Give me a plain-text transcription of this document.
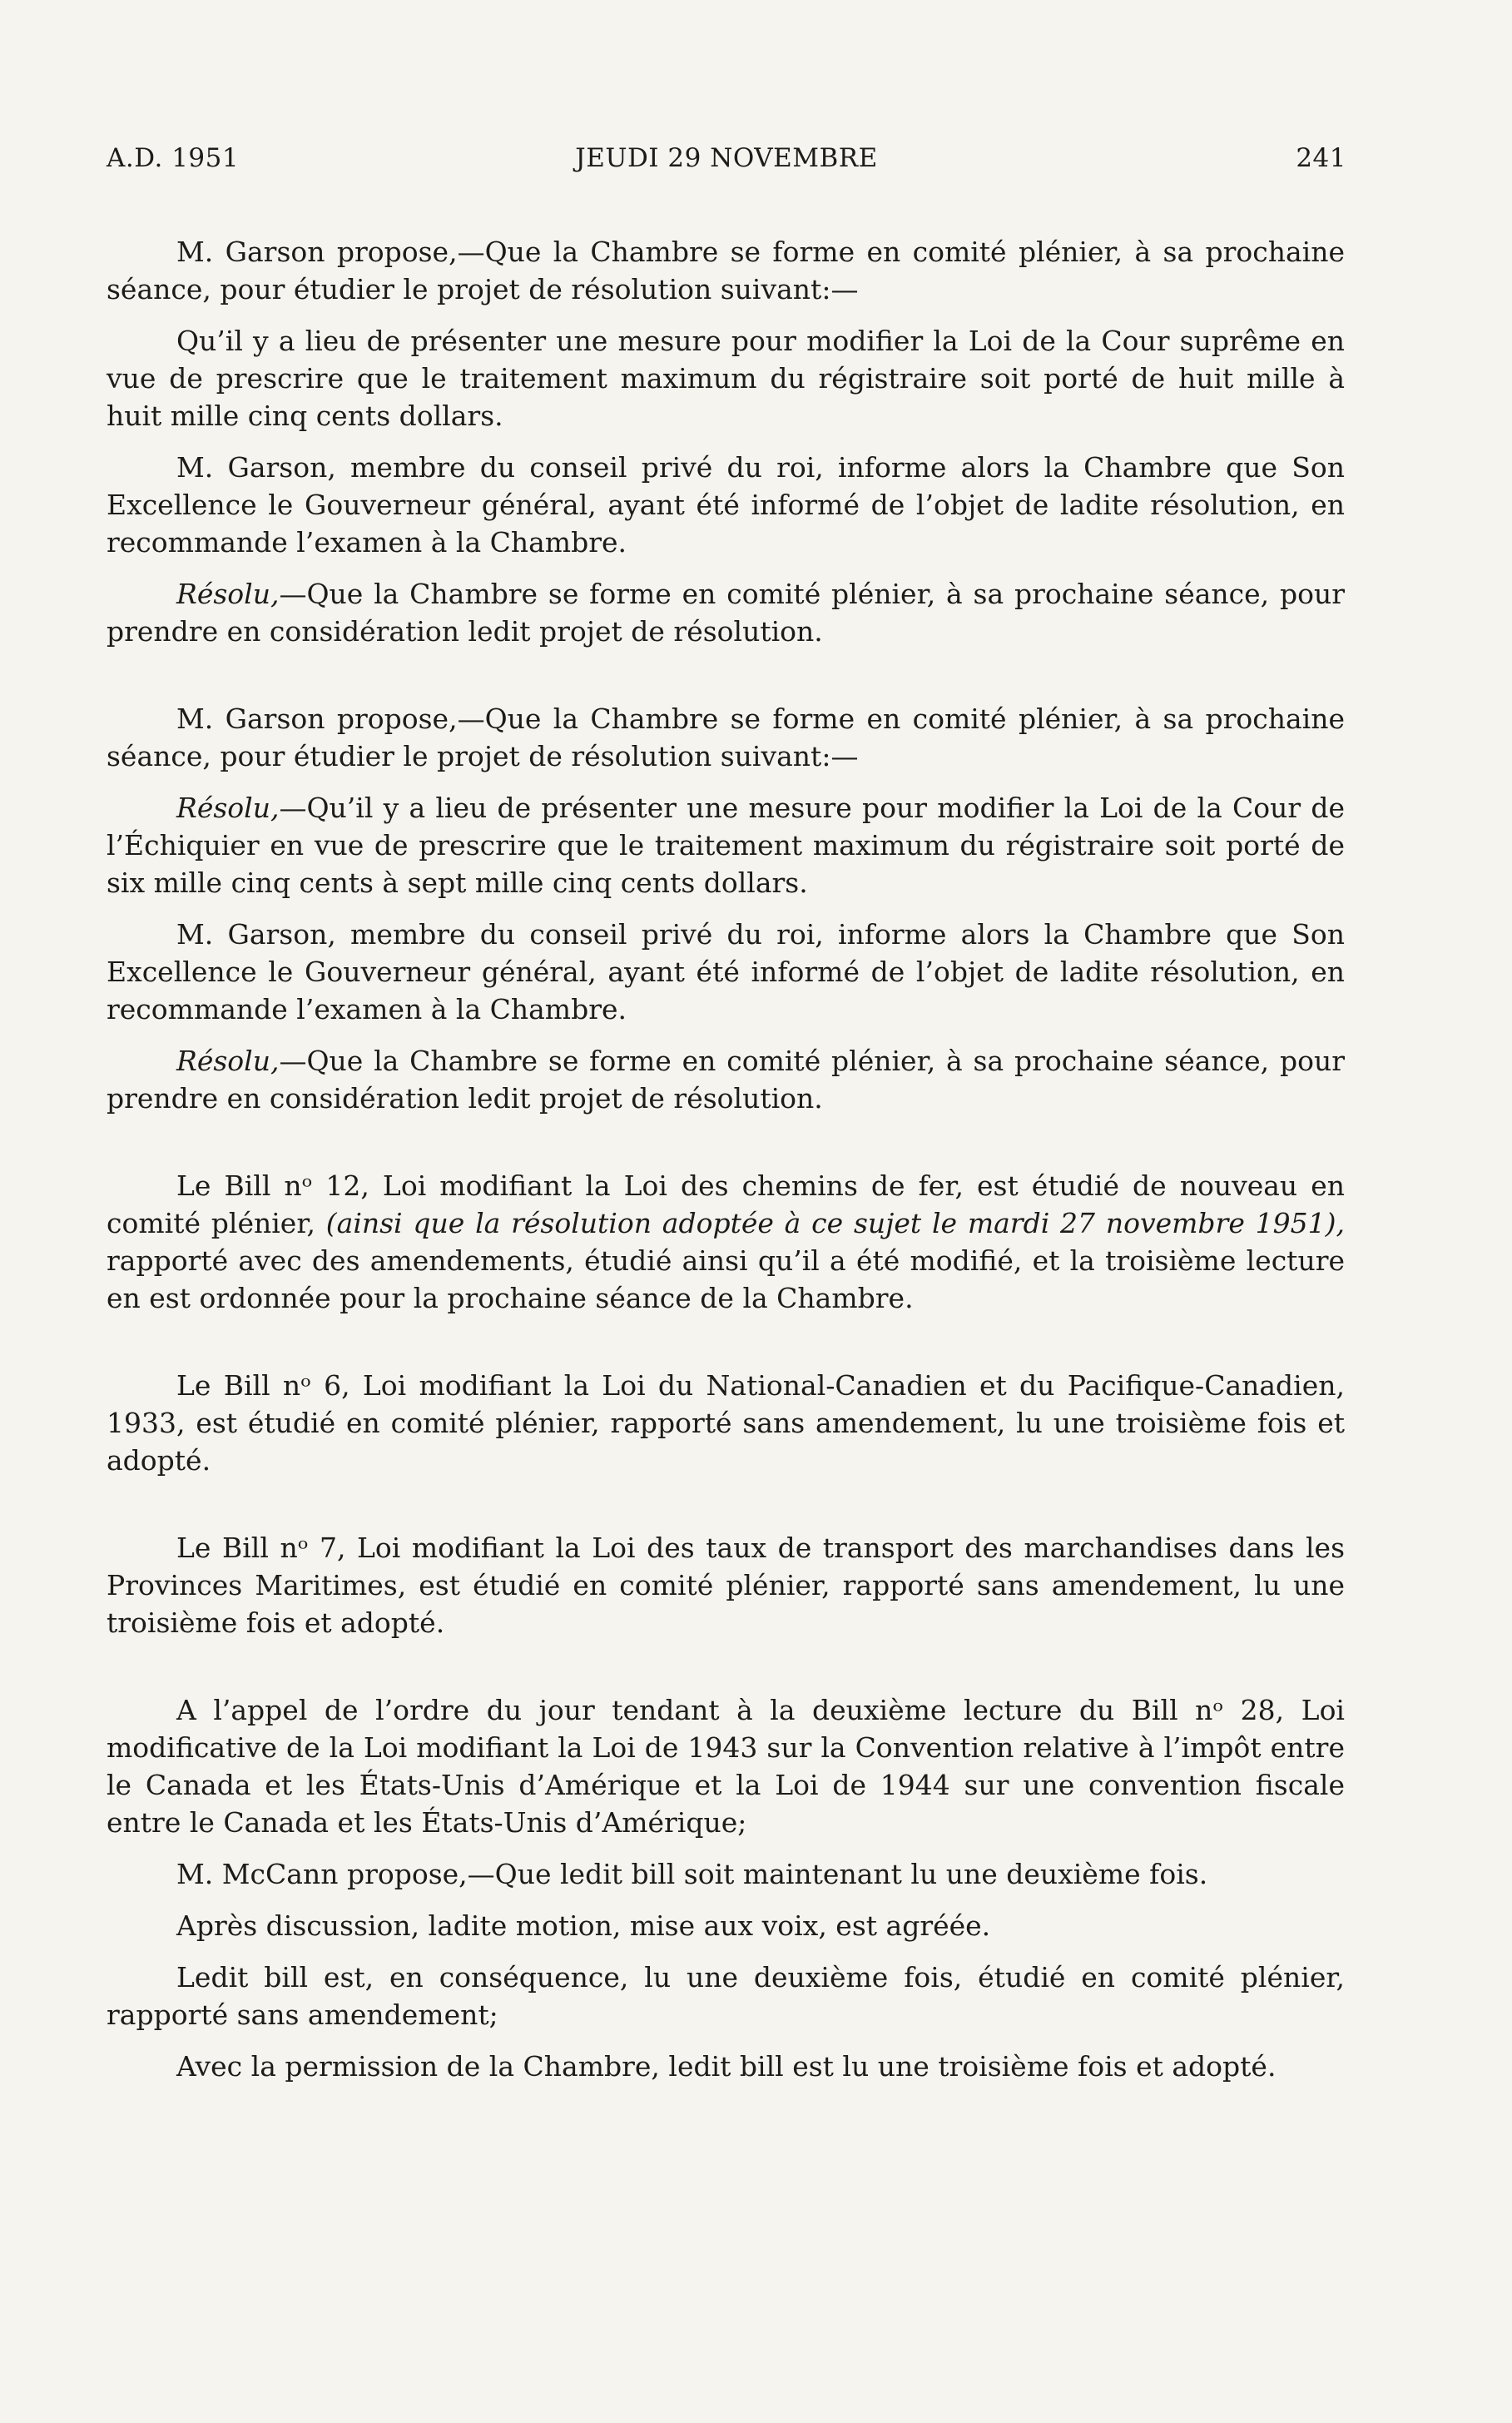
A.D. 1951	JEUDI 29 NOVEMBRE	241

M. Garson propose,—Que la Chambre se forme en comité plénier, à sa prochaine séance, pour étudier le projet de résolution suivant:—

Qu’il y a lieu de présenter une mesure pour modifier la Loi de la Cour suprême en vue de prescrire que le traitement maximum du régistraire soit porté de huit mille à huit mille cinq cents dollars.

M. Garson, membre du conseil privé du roi, informe alors la Chambre que Son Excellence le Gouverneur général, ayant été informé de l’objet de ladite résolution, en recommande l’examen à la Chambre.

Résolu,—Que la Chambre se forme en comité plénier, à sa prochaine séance, pour prendre en considération ledit projet de résolution.

M. Garson propose,—Que la Chambre se forme en comité plénier, à sa prochaine séance, pour étudier le projet de résolution suivant:—

Résolu,—Qu’il y a lieu de présenter une mesure pour modifier la Loi de la Cour de l’Échiquier en vue de prescrire que le traitement maximum du régistraire soit porté de six mille cinq cents à sept mille cinq cents dollars.

M. Garson, membre du conseil privé du roi, informe alors la Chambre que Son Excellence le Gouverneur général, ayant été informé de l’objet de ladite résolution, en recommande l’examen à la Chambre.

Résolu,—Que la Chambre se forme en comité plénier, à sa prochaine séance, pour prendre en considération ledit projet de résolution.

Le Bill nᵒ 12, Loi modifiant la Loi des chemins de fer, est étudié de nouveau en comité plénier, (ainsi que la résolution adoptée à ce sujet le mardi 27 novembre 1951), rapporté avec des amendements, étudié ainsi qu’il a été modifié, et la troisième lecture en est ordonnée pour la prochaine séance de la Chambre.

Le Bill nᵒ 6, Loi modifiant la Loi du National-Canadien et du Pacifique-Canadien, 1933, est étudié en comité plénier, rapporté sans amendement, lu une troisième fois et adopté.

Le Bill nᵒ 7, Loi modifiant la Loi des taux de transport des marchandises dans les Provinces Maritimes, est étudié en comité plénier, rapporté sans amendement, lu une troisième fois et adopté.

A l’appel de l’ordre du jour tendant à la deuxième lecture du Bill nᵒ 28, Loi modificative de la Loi modifiant la Loi de 1943 sur la Convention relative à l’impôt entre le Canada et les États-Unis d’Amérique et la Loi de 1944 sur une convention fiscale entre le Canada et les États-Unis d’Amérique;

M. McCann propose,—Que ledit bill soit maintenant lu une deuxième fois.

Après discussion, ladite motion, mise aux voix, est agréée.

Ledit bill est, en conséquence, lu une deuxième fois, étudié en comité plénier, rapporté sans amendement;

Avec la permission de la Chambre, ledit bill est lu une troisième fois et adopté.
